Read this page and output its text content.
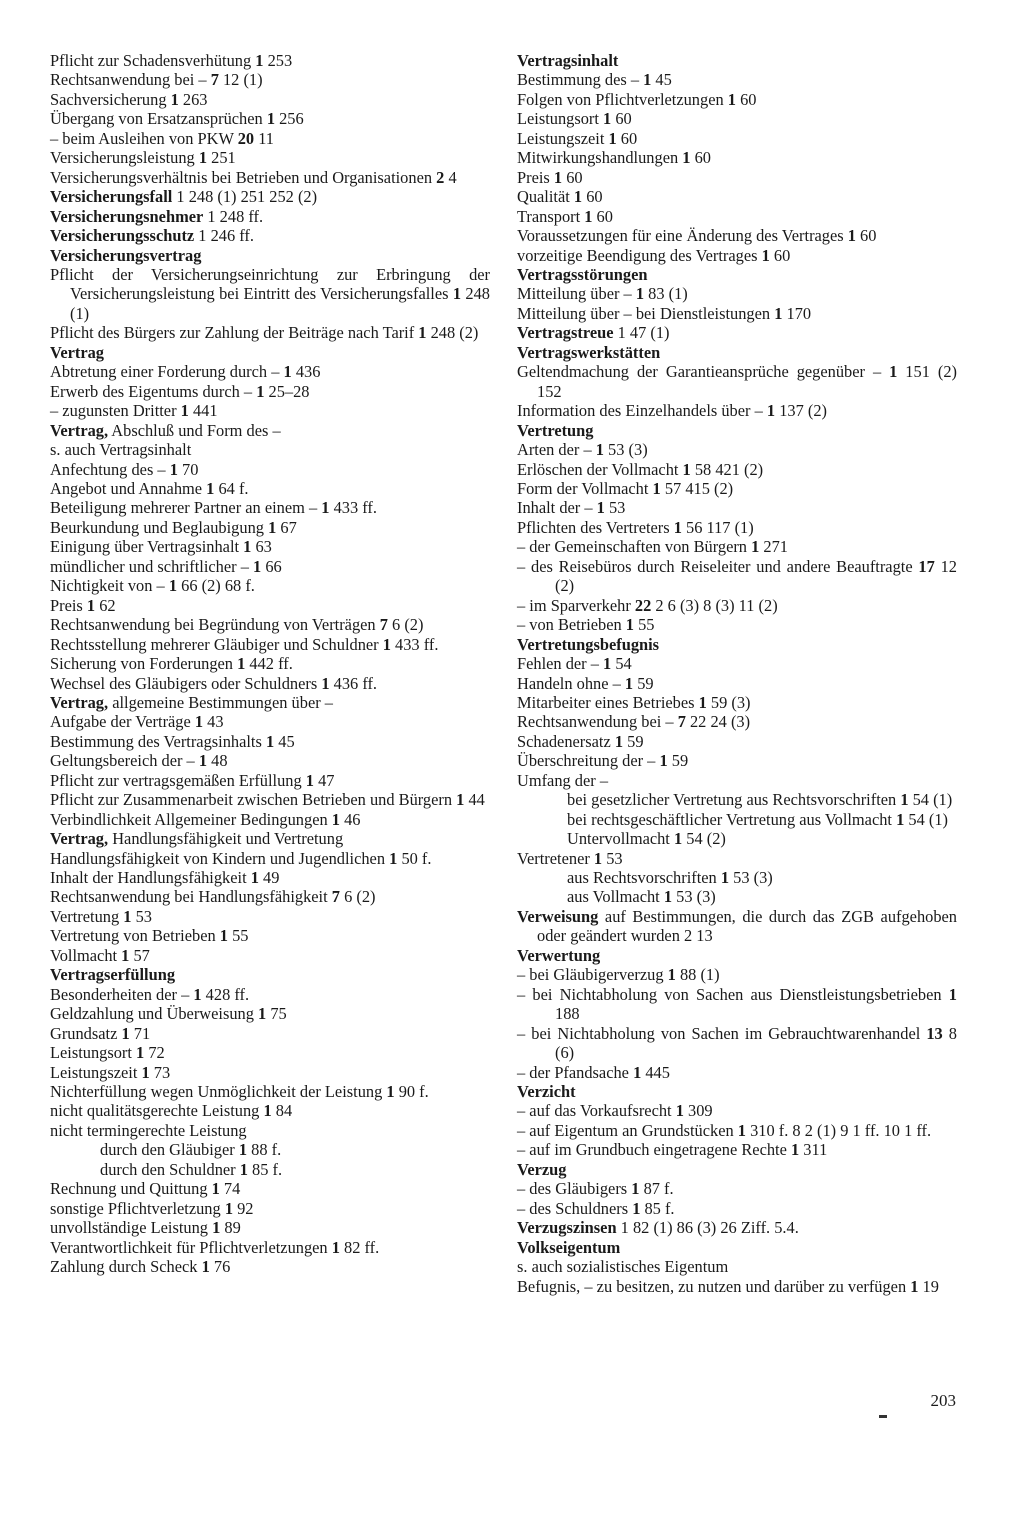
Pflicht zur Schadensverhütung 1 253
Rechtsanwendung bei – 7 12 (1)
Sachversicherung 1 263
Übergang von Ersatzansprüchen 1 256
– beim Ausleihen von PKW 20 11
Versicherungsleistung 1 251
Versicherungsverhältnis bei Betrieben und Organisationen 2 4
Versicherungsfall 1 248 (1) 251 252 (2)
Versicherungsnehmer 1 248 ff.
Versicherungsschutz 1 246 ff.
Versicherungsvertrag
Pflicht der Versicherungseinrichtung zur Erbringung der Versicherungsleistung bei Eintritt des Versicherungsfalles 1 248 (1)
Pflicht des Bürgers zur Zahlung der Beiträge nach Tarif 1 248 (2)
Vertrag
Abtretung einer Forderung durch – 1 436
Erwerb des Eigentums durch – 1 25–28
– zugunsten Dritter 1 441
Vertrag, Abschluß und Form des –
s. auch Vertragsinhalt
Anfechtung des – 1 70
Angebot und Annahme 1 64 f.
Beteiligung mehrerer Partner an einem – 1 433 ff.
Beurkundung und Beglaubigung 1 67
Einigung über Vertragsinhalt 1 63
mündlicher und schriftlicher – 1 66
Nichtigkeit von – 1 66 (2) 68 f.
Preis 1 62
Rechtsanwendung bei Begründung von Verträgen 7 6 (2)
Rechtsstellung mehrerer Gläubiger und Schuldner 1 433 ff.
Sicherung von Forderungen 1 442 ff.
Wechsel des Gläubigers oder Schuldners 1 436 ff.
Vertrag, allgemeine Bestimmungen über –
Aufgabe der Verträge 1 43
Bestimmung des Vertragsinhalts 1 45
Geltungsbereich der – 1 48
Pflicht zur vertragsgemäßen Erfüllung 1 47
Pflicht zur Zusammenarbeit zwischen Betrieben und Bürgern 1 44
Verbindlichkeit Allgemeiner Bedingungen 1 46
Vertrag, Handlungsfähigkeit und Vertretung
Handlungsfähigkeit von Kindern und Jugendlichen 1 50 f.
Inhalt der Handlungsfähigkeit 1 49
Rechtsanwendung bei Handlungsfähigkeit 7 6 (2)
Vertretung 1 53
Vertretung von Betrieben 1 55
Vollmacht 1 57
Vertragserfüllung
Besonderheiten der – 1 428 ff.
Geldzahlung und Überweisung 1 75
Grundsatz 1 71
Leistungsort 1 72
Leistungszeit 1 73
Nichterfüllung wegen Unmöglichkeit der Leistung 1 90 f.
nicht qualitätsgerechte Leistung 1 84
nicht termingerechte Leistung
durch den Gläubiger 1 88 f.
durch den Schuldner 1 85 f.
Rechnung und Quittung 1 74
sonstige Pflichtverletzung 1 92
unvollständige Leistung 1 89
Verantwortlichkeit für Pflichtverletzungen 1 82 ff.
Zahlung durch Scheck 1 76
Vertragsinhalt
Bestimmung des – 1 45
Folgen von Pflichtverletzungen 1 60
Leistungsort 1 60
Leistungszeit 1 60
Mitwirkungshandlungen 1 60
Preis 1 60
Qualität 1 60
Transport 1 60
Voraussetzungen für eine Änderung des Vertrages 1 60
vorzeitige Beendigung des Vertrages 1 60
Vertragsstörungen
Mitteilung über – 1 83 (1)
Mitteilung über – bei Dienstleistungen 1 170
Vertragstreue 1 47 (1)
Vertragswerkstätten
Geltendmachung der Garantieansprüche gegenüber – 1 151 (2) 152
Information des Einzelhandels über – 1 137 (2)
Vertretung
Arten der – 1 53 (3)
Erlöschen der Vollmacht 1 58 421 (2)
Form der Vollmacht 1 57 415 (2)
Inhalt der – 1 53
Pflichten des Vertreters 1 56 117 (1)
– der Gemeinschaften von Bürgern 1 271
– des Reisebüros durch Reiseleiter und andere Beauftragte 17 12 (2)
– im Sparverkehr 22 2 6 (3) 8 (3) 11 (2)
– von Betrieben 1 55
Vertretungsbefugnis
Fehlen der – 1 54
Handeln ohne – 1 59
Mitarbeiter eines Betriebes 1 59 (3)
Rechtsanwendung bei – 7 22 24 (3)
Schadenersatz 1 59
Überschreitung der – 1 59
Umfang der –
bei gesetzlicher Vertretung aus Rechtsvorschriften 1 54 (1)
bei rechtsgeschäftlicher Vertretung aus Vollmacht 1 54 (1)
Untervollmacht 1 54 (2)
Vertretener 1 53
aus Rechtsvorschriften 1 53 (3)
aus Vollmacht 1 53 (3)
Verweisung auf Bestimmungen, die durch das ZGB aufgehoben oder geändert wurden 2 13
Verwertung
– bei Gläubigerverzug 1 88 (1)
– bei Nichtabholung von Sachen aus Dienstleistungsbetrieben 1 188
– bei Nichtabholung von Sachen im Gebrauchtwarenhandel 13 8 (6)
– der Pfandsache 1 445
Verzicht
– auf das Vorkaufsrecht 1 309
– auf Eigentum an Grundstücken 1 310 f. 8 2 (1) 9 1 ff. 10 1 ff.
– auf im Grundbuch eingetragene Rechte 1 311
Verzug
– des Gläubigers 1 87 f.
– des Schuldners 1 85 f.
Verzugszinsen 1 82 (1) 86 (3) 26 Ziff. 5.4.
Volkseigentum
s. auch sozialistisches Eigentum
Befugnis, – zu besitzen, zu nutzen und darüber zu verfügen 1 19
203
